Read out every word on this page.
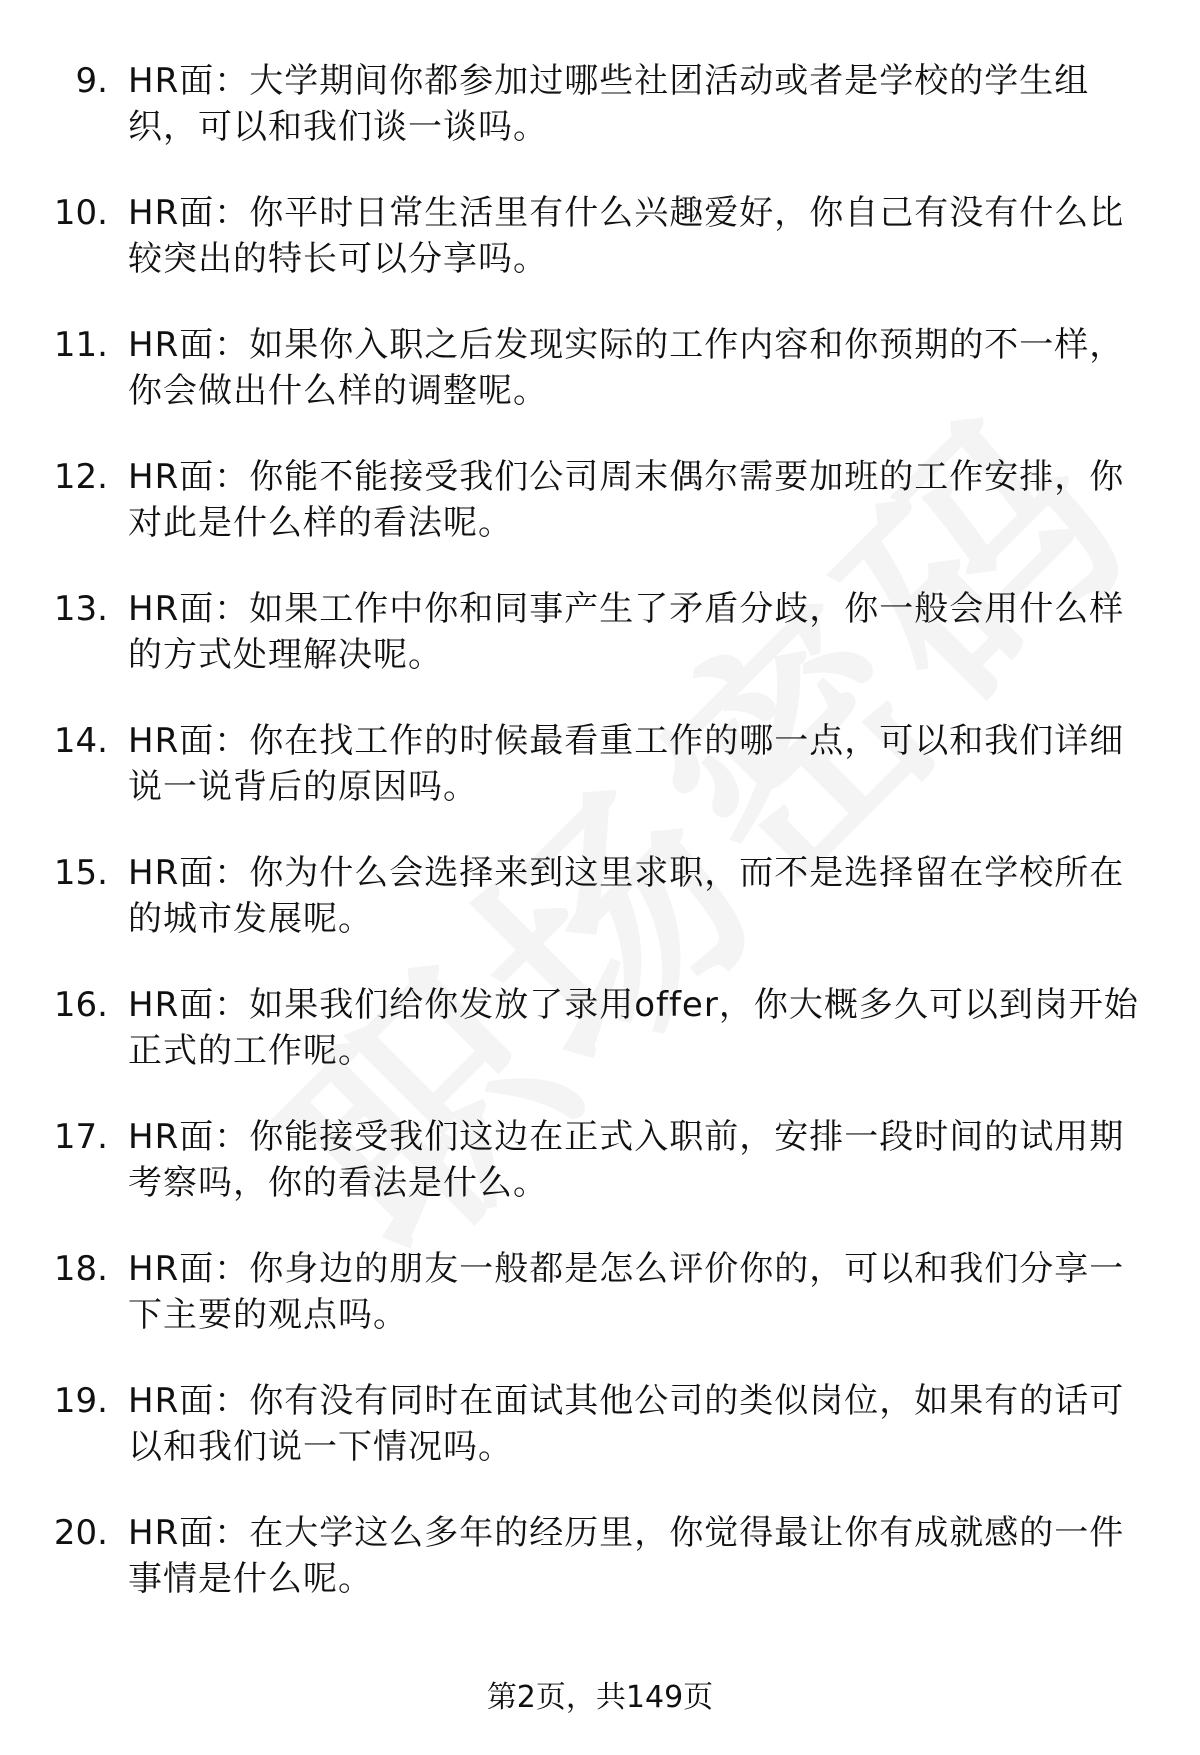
9. HR面：大学期间你都参加过哪些社团活动或者是学校的学生组织，可以和我们谈一谈吗。
10. HR面：你平时日常生活里有什么兴趣爱好，你自己有没有什么比较突出的特长可以分享吗。
11. HR面：如果你入职之后发现实际的工作内容和你预期的不一样，你会做出什么样的调整呢。
12. HR面：你能不能接受我们公司周末偶尔需要加班的工作安排，你对此是什么样的看法呢。
13. HR面：如果工作中你和同事产生了矛盾分歧，你一般会用什么样的方式处理解决呢。
14. HR面：你在找工作的时候最看重工作的哪一点，可以和我们详细说一说背后的原因吗。
15. HR面：你为什么会选择来到这里求职，而不是选择留在学校所在的城市发展呢。
16. HR面：如果我们给你发放了录用offer，你大概多久可以到岗开始正式的工作呢。
17. HR面：你能接受我们这边在正式入职前，安排一段时间的试用期考察吗，你的看法是什么。
18. HR面：你身边的朋友一般都是怎么评价你的，可以和我们分享一下主要的观点吗。
19. HR面：你有没有同时在面试其他公司的类似岗位，如果有的话可以和我们说一下情况吗。
20. HR面：在大学这么多年的经历里，你觉得最让你有成就感的一件事情是什么呢。
第2页，共149页
